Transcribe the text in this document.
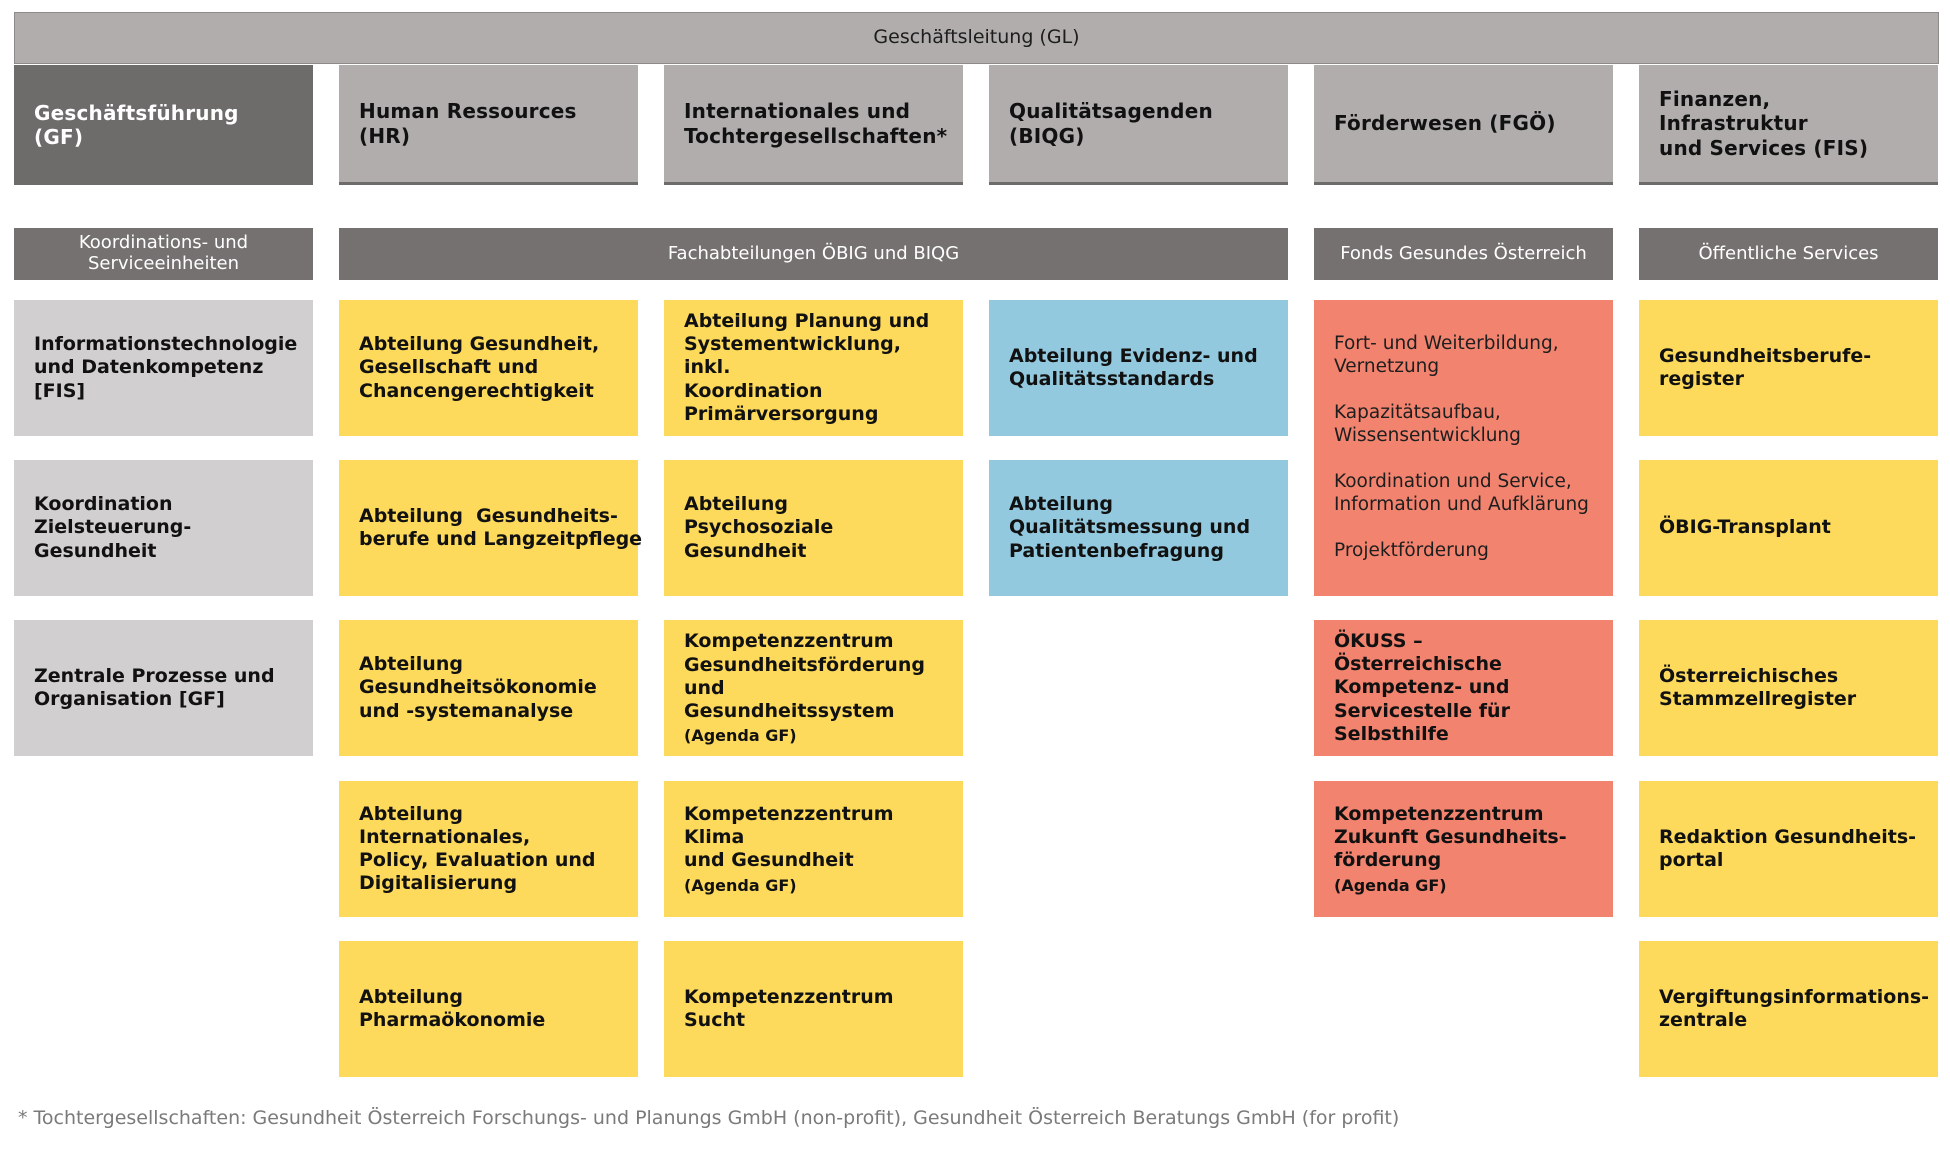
Geschäftsleitung (GL)
Geschäftsführung (GF)
Human Ressources (HR)
Internationales und
Tochtergesellschaften*
Qualitätsagenden (BIQG)
Förderwesen (FGÖ)
Finanzen, Infrastruktur
und Services (FIS)
Koordinations- und
Serviceeinheiten	Fachabteilungen ÖBIG und BIQG	Fonds Gesundes Österreich	Öffentliche Services
Informationstechnologie
und Datenkompetenz [FIS]
Koordination Zielsteuerung-
Gesundheit
Zentrale Prozesse und
Organisation [GF]
Abteilung Gesundheit,
Gesellschaft und
Chancengerechtigkeit
Abteilung  Gesundheits-
berufe und Langzeitpflege
Abteilung
Gesundheitsökonomie
und -systemanalyse
Abteilung Internationales,
Policy, Evaluation und
Digitalisierung
Abteilung Pharmaökonomie
Abteilung Planung und
Systementwicklung, inkl.
Koordination
Primärversorgung
Abteilung Psychosoziale
Gesundheit
Kompetenzzentrum
Gesundheitsförderung und
Gesundheitssystem
(Agenda GF)
Kompetenzzentrum Klima
und Gesundheit
(Agenda GF)
Kompetenzzentrum Sucht
Abteilung Evidenz- und
Qualitätsstandards
Abteilung
Qualitätsmessung und
Patientenbefragung
Fort- und Weiterbildung,
Vernetzung
Kapazitätsaufbau,
Wissensentwicklung
Koordination und Service,
Information und Aufklärung
Projektförderung
ÖKUSS – Österreichische
Kompetenz- und
Servicestelle für Selbsthilfe
Kompetenzzentrum
Zukunft Gesundheits-
förderung
(Agenda GF)
Gesundheitsberufe-
register
ÖBIG-Transplant
Österreichisches
Stammzellregister
Redaktion Gesundheits-
portal
Vergiftungsinformations-
zentrale
* Tochtergesellschaften: Gesundheit Österreich Forschungs- und Planungs GmbH (non-profit), Gesundheit Österreich Beratungs GmbH (for profit)
